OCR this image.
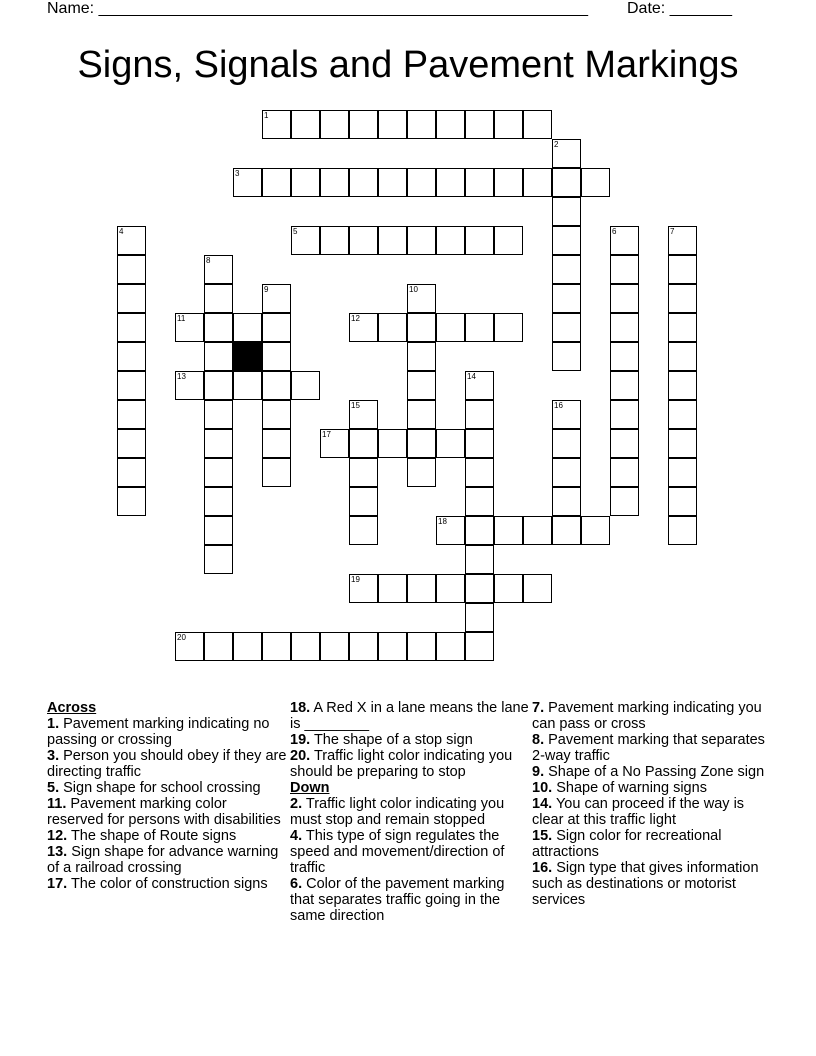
Name: _______________________________________________________ Date: _______
Signs, Signals and Pavement Markings
1
2
3
4	5	6	7
8
9	10
11	12
13	14
15	16
17
18
19
20
Across
1. Pavement marking indicating no passing or crossing
3. Person you should obey if they are directing traffic
5. Sign shape for school crossing
11. Pavement marking color reserved for persons with disabilities
12. The shape of Route signs
13. Sign shape for advance warning of a railroad crossing
17. The color of construction signs
18. A Red X in a lane means the lane is ________
19. The shape of a stop sign
20. Traffic light color indicating you should be preparing to stop
Down
2. Traffic light color indicating you must stop and remain stopped
4. This type of sign regulates the speed and movement/direction of traffic
6. Color of the pavement marking that separates traffic going in the same direction
7. Pavement marking indicating you can pass or cross
8. Pavement marking that separates 2-way traffic
9. Shape of a No Passing Zone sign
10. Shape of warning signs
14. You can proceed if the way is clear at this traffic light
15. Sign color for recreational attractions
16. Sign type that gives information such as destinations or motorist services
